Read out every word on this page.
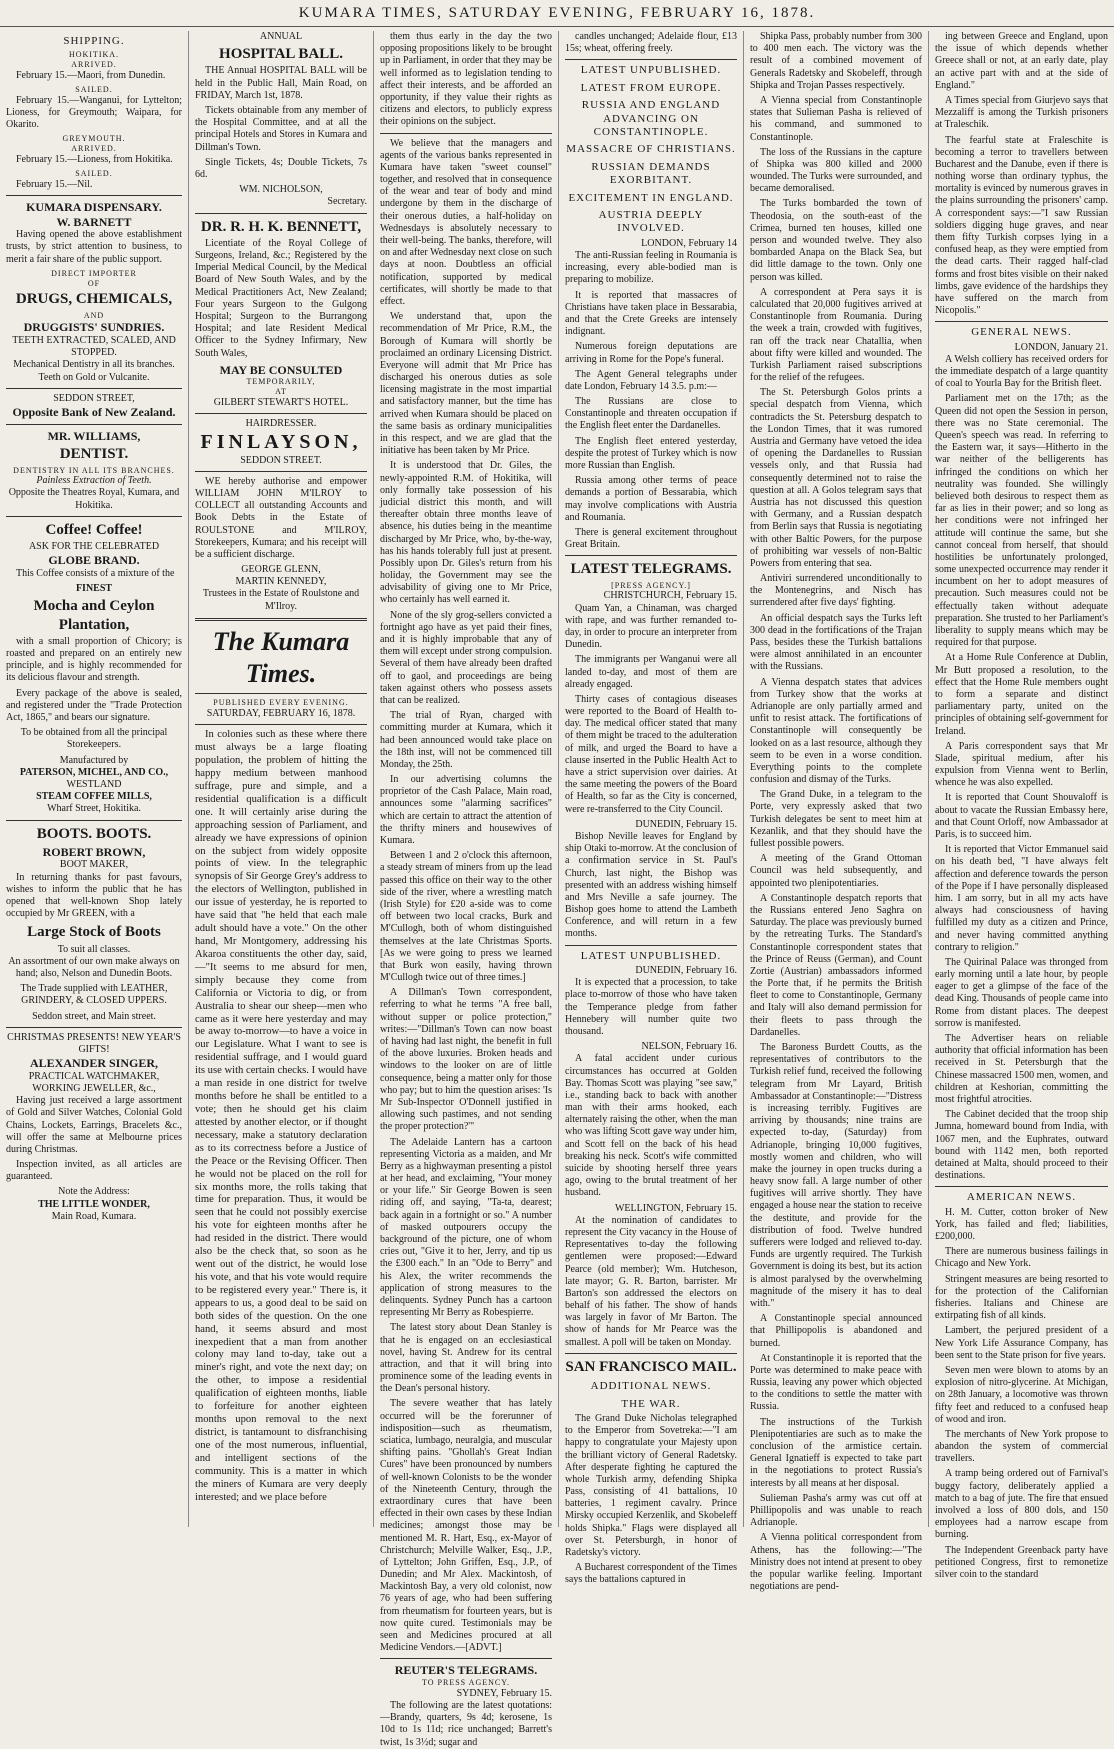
KUMARA TIMES, SATURDAY EVENING, FEBRUARY 16, 1878.
SHIPPING.
HOKITIKA.
ARRIVED.

February 15.—Maori, from Dunedin.

SAILED.

February 15.—Wanganui, for Lyttelton; Lioness, for Greymouth; Waipara, for Okarito.

GREYMOUTH.
ARRIVED.

February 15.—Lioness, from Hokitika.

SAILED.

February 15.—Nil.

KUMARA DISPENSARY.
W. BARNETT

Having opened the above establishment trusts, by strict attention to business, to merit a fair share of the public support.

DIRECT IMPORTER
OF
DRUGS, CHEMICALS,
AND
DRUGGISTS' SUNDRIES.
TEETH EXTRACTED, SCALED, AND STOPPED.

Mechanical Dentistry in all its branches. Teeth on Gold or Vulcanite.

SEDDON STREET,
Opposite Bank of New Zealand.
MR. WILLIAMS,
DENTIST.
DENTISTRY IN ALL ITS BRANCHES.
Painless Extraction of Teeth.

Opposite the Theatres Royal, Kumara, and Hokitika.

Coffee! Coffee!
ASK FOR THE CELEBRATED
GLOBE BRAND.

This Coffee consists of a mixture of the

FINEST
Mocha and Ceylon Plantation,

with a small proportion of Chicory; is roasted and prepared on an entirely new principle, and is highly recommended for its delicious flavour and strength.

Every package of the above is sealed, and registered under the "Trade Protection Act, 1865," and bears our signature.

To be obtained from all the principal Storekeepers.

Manufactured by
PATERSON, MICHEL, AND CO.,
WESTLAND
STEAM COFFEE MILLS,
Wharf Street, Hokitika.
BOOTS. BOOTS.
ROBERT BROWN,
BOOT MAKER,

In returning thanks for past favours, wishes to inform the public that he has opened that well-known Shop lately occupied by Mr GREEN, with a

Large Stock of Boots
To suit all classes.

An assortment of our own make always on hand; also, Nelson and Dunedin Boots.

The Trade supplied with LEATHER, GRINDERY, & CLOSED UPPERS.

Seddon street, and Main street.
CHRISTMAS PRESENTS! NEW YEAR'S GIFTS!
ALEXANDER SINGER,
PRACTICAL WATCHMAKER,
WORKING JEWELLER, &c.,

Having just received a large assortment of Gold and Silver Watches, Colonial Gold Chains, Lockets, Earrings, Bracelets &c., will offer the same at Melbourne prices during Christmas.

Inspection invited, as all articles are guaranteed.

Note the Address:
THE LITTLE WONDER,
Main Road, Kumara.
ANNUAL
HOSPITAL BALL.

THE Annual HOSPITAL BALL will be held in the Public Hall, Main Road, on FRIDAY, March 1st, 1878.

Tickets obtainable from any member of the Hospital Committee, and at all the principal Hotels and Stores in Kumara and Dillman's Town.

Single Tickets, 4s; Double Tickets, 7s 6d.

WM. NICHOLSON,
Secretary.
DR. R. H. K. BENNETT,

Licentiate of the Royal College of Surgeons, Ireland, &c.; Registered by the Imperial Medical Council, by the Medical Board of New South Wales, and by the Medical Practitioners Act, New Zealand; Four years Surgeon to the Gulgong Hospital; Surgeon to the Burrangong Hospital; and late Resident Medical Officer to the Sydney Infirmary, New South Wales,

MAY BE CONSULTED
TEMPORARILY,
AT
GILBERT STEWART'S HOTEL.
HAIRDRESSER.
FINLAYSON,
SEDDON STREET.

WE hereby authorise and empower WILLIAM JOHN M'ILROY to COLLECT all outstanding Accounts and Book Debts in the Estate of ROULSTONE and M'ILROY, Storekeepers, Kumara; and his receipt will be a sufficient discharge.

GEORGE GLENN,
MARTIN KENNEDY,
Trustees in the Estate of Roulstone and M'Ilroy.
The Kumara Times.
PUBLISHED EVERY EVENING.
SATURDAY, FEBRUARY 16, 1878.

In colonies such as these where there must always be a large floating population, the problem of hitting the happy medium between manhood suffrage, pure and simple, and a residential qualification is a difficult one. It will certainly arise during the approaching session of Parliament, and already we have expressions of opinion on the subject from widely opposite points of view. In the telegraphic synopsis of Sir George Grey's address to the electors of Wellington, published in our issue of yesterday, he is reported to have said that "he held that each male adult should have a vote." On the other hand, Mr Montgomery, addressing his Akaroa constituents the other day, said,—"It seems to me absurd for men, simply because they come from California or Victoria to dig, or from Australia to shear our sheep—men who came as it were here yesterday and may be away to-morrow—to have a voice in our Legislature. What I want to see is residential suffrage, and I would guard its use with certain checks. I would have a man reside in one district for twelve months before he shall be entitled to a vote; then he should get his claim attested by another elector, or if thought necessary, make a statutory declaration as to its correctness before a Justice of the Peace or the Revising Officer. Then he would not be placed on the roll for six months more, the rolls taking that time for preparation. Thus, it would be seen that he could not possibly exercise his vote for eighteen months after he had resided in the district. There would also be the check that, so soon as he went out of the district, he would lose his vote, and that his vote would require to be registered every year." There is, it appears to us, a good deal to be said on both sides of the question. On the one hand, it seems absurd and most inexpedient that a man from another colony may land to-day, take out a miner's right, and vote the next day; on the other, to impose a residential qualification of eighteen months, liable to forfeiture for another eighteen months upon removal to the next district, is tantamount to disfranchising one of the most numerous, influential, and intelligent sections of the community. This is a matter in which the miners of Kumara are very deeply interested; and we place before

them thus early in the day the two opposing propositions likely to be brought up in Parliament, in order that they may be well informed as to legislation tending to affect their interests, and be afforded an opportunity, if they value their rights as citizens and electors, to publicly express their opinions on the subject.

We believe that the managers and agents of the various banks represented in Kumara have taken "sweet counsel" together, and resolved that in consequence of the wear and tear of body and mind undergone by them in the discharge of their onerous duties, a half-holiday on Wednesdays is absolutely necessary to their well-being. The banks, therefore, will on and after Wednesday next close on such days at noon. Doubtless an official notification, supported by medical certificates, will shortly be made to that effect.

We understand that, upon the recommendation of Mr Price, R.M., the Borough of Kumara will shortly be proclaimed an ordinary Licensing District. Everyone will admit that Mr Price has discharged his onerous duties as sole licensing magistrate in the most impartial and satisfactory manner, but the time has arrived when Kumara should be placed on the same basis as ordinary municipalities in this respect, and we are glad that the initiative has been taken by Mr Price.

It is understood that Dr. Giles, the newly-appointed R.M. of Hokitika, will only formally take possession of his judicial district this month, and will thereafter obtain three months leave of absence, his duties being in the meantime discharged by Mr Price, who, by-the-way, has his hands tolerably full just at present. Possibly upon Dr. Giles's return from his holiday, the Government may see the advisability of giving one to Mr Price, who certainly has well earned it.

None of the sly grog-sellers convicted a fortnight ago have as yet paid their fines, and it is highly improbable that any of them will except under strong compulsion. Several of them have already been drafted off to gaol, and proceedings are being taken against others who possess assets that can be realized.

The trial of Ryan, charged with committing murder at Kumara, which it had been announced would take place on the 18th inst, will not be commenced till Monday, the 25th.

In our advertising columns the proprietor of the Cash Palace, Main road, announces some "alarming sacrifices" which are certain to attract the attention of the thrifty miners and housewives of Kumara.

Between 1 and 2 o'clock this afternoon, a steady stream of miners from up the lead passed this office on their way to the other side of the river, where a wrestling match (Irish Style) for £20 a-side was to come off between two local cracks, Burk and M'Cullogh, both of whom distinguished themselves at the late Christmas Sports. [As we were going to press we learned that Burk won easily, having thrown M'Cullogh twice out of three times.]

A Dillman's Town correspondent, referring to what he terms "A free ball, without supper or police protection," writes:—"Dillman's Town can now boast of having had last night, the benefit in full of the above luxuries. Broken heads and windows to the looker on are of little consequence, being a matter only for those who pay; but to him the question arises: 'Is Mr Sub-Inspector O'Donnell justified in allowing such pastimes, and not sending the proper protection?'"

The Adelaide Lantern has a cartoon representing Victoria as a maiden, and Mr Berry as a highwayman presenting a pistol at her head, and exclaiming, "Your money or your life." Sir George Bowen is seen riding off, and saying, "Ta-ta, dearest; back again in a fortnight or so." A number of masked outpourers occupy the background of the picture, one of whom cries out, "Give it to her, Jerry, and tip us the £300 each." In an "Ode to Berry" and his Alex, the writer recommends the application of strong measures to the delinquents. Sydney Punch has a cartoon representing Mr Berry as Robespierre.

The latest story about Dean Stanley is that he is engaged on an ecclesiastical novel, having St. Andrew for its central attraction, and that it will bring into prominence some of the leading events in the Dean's personal history.

The severe weather that has lately occurred will be the forerunner of indisposition—such as rheumatism, sciatica, lumbago, neuralgia, and muscular shifting pains. "Ghollah's Great Indian Cures" have been pronounced by numbers of well-known Colonists to be the wonder of the Nineteenth Century, through the extraordinary cures that have been effected in their own cases by these Indian medicines; amongst those may be mentioned M. R. Hart, Esq., ex-Mayor of Christchurch; Melville Walker, Esq., J.P., of Lyttelton; John Griffen, Esq., J.P., of Dunedin; and Mr Alex. Mackintosh, of Mackintosh Bay, a very old colonist, now 76 years of age, who had been suffering from rheumatism for fourteen years, but is now quite cured. Testimonials may be seen and Medicines procured at all Medicine Vendors.—[ADVT.]

REUTER'S TELEGRAMS.
TO PRESS AGENCY.
SYDNEY, February 15.

The following are the latest quotations:—Brandy, quarters, 9s 4d; kerosene, 1s 10d to 1s 11d; rice unchanged; Barrett's twist, 1s 3½d; sugar and

candles unchanged; Adelaide flour, £13 15s; wheat, offering freely.

LATEST UNPUBLISHED.
LATEST FROM EUROPE.
RUSSIA AND ENGLAND ADVANCING ON CONSTANTINOPLE.
MASSACRE OF CHRISTIANS.
RUSSIAN DEMANDS EXORBITANT.
EXCITEMENT IN ENGLAND.
AUSTRIA DEEPLY INVOLVED.
LONDON, February 14

The anti-Russian feeling in Roumania is increasing, every able-bodied man is preparing to mobilize.

It is reported that massacres of Christians have taken place in Bessarabia, and that the Crete Greeks are intensely indignant.

Numerous foreign deputations are arriving in Rome for the Pope's funeral.

The Agent General telegraphs under date London, February 14 3.5. p.m:—

The Russians are close to Constantinople and threaten occupation if the English fleet enter the Dardanelles.

The English fleet entered yesterday, despite the protest of Turkey which is now more Russian than English.

Russia among other terms of peace demands a portion of Bessarabia, which may involve complications with Austria and Roumania.

There is general excitement throughout Great Britain.

LATEST TELEGRAMS.
[PRESS AGENCY.]
CHRISTCHURCH, February 15.

Quam Yan, a Chinaman, was charged with rape, and was further remanded to-day, in order to procure an interpreter from Dunedin.

The immigrants per Wanganui were all landed to-day, and most of them are already engaged.

Thirty cases of contagious diseases were reported to the Board of Health to-day. The medical officer stated that many of them might be traced to the adulteration of milk, and urged the Board to have a clause inserted in the Public Health Act to have a strict supervision over dairies. At the same meeting the powers of the Board of Health, so far as the City is concerned, were re-transferred to the City Council.

DUNEDIN, February 15.

Bishop Neville leaves for England by ship Otaki to-morrow. At the conclusion of a confirmation service in St. Paul's Church, last night, the Bishop was presented with an address wishing himself and Mrs Neville a safe journey. The Bishop goes home to attend the Lambeth Conference, and will return in a few months.

LATEST UNPUBLISHED.
DUNEDIN, February 16.

It is expected that a procession, to take place to-morrow of those who have taken the Temperance pledge from father Hennebery will number quite two thousand.

NELSON, February 16.

A fatal accident under curious circumstances has occurred at Golden Bay. Thomas Scott was playing "see saw," i.e., standing back to back with another man with their arms hooked, each alternately raising the other, when the man who was lifting Scott gave way under him, and Scott fell on the back of his head breaking his neck. Scott's wife committed suicide by shooting herself three years ago, owing to the brutal treatment of her husband.

WELLINGTON, February 15.

At the nomination of candidates to represent the City vacancy in the House of Representatives to-day the following gentlemen were proposed:—Edward Pearce (old member); Wm. Hutcheson, late mayor; G. R. Barton, barrister. Mr Barton's son addressed the electors on behalf of his father. The show of hands was largely in favor of Mr Barton. The show of hands for Mr Pearce was the smallest. A poll will be taken on Monday.

SAN FRANCISCO MAIL.
ADDITIONAL NEWS.
THE WAR.

The Grand Duke Nicholas telegraphed to the Emperor from Sovetreka:—"I am happy to congratulate your Majesty upon the brilliant victory of General Radetsky. After desperate fighting he captured the whole Turkish army, defending Shipka Pass, consisting of 41 battalions, 10 batteries, 1 regiment cavalry. Prince Mirsky occupied Kerzenlik, and Skobeleff holds Shipka." Flags were displayed all over St. Petersburgh, in honor of Radetsky's victory.

A Bucharest correspondent of the Times says the battalions captured in

Shipka Pass, probably number from 300 to 400 men each. The victory was the result of a combined movement of Generals Radetsky and Skobeleff, through Shipka and Trojan Passes respectively.

A Vienna special from Constantinople states that Sulieman Pasha is relieved of his command, and summoned to Constantinople.

The loss of the Russians in the capture of Shipka was 800 killed and 2000 wounded. The Turks were surrounded, and became demoralised.

The Turks bombarded the town of Theodosia, on the south-east of the Crimea, burned ten houses, killed one person and wounded twelve. They also bombarded Anapa on the Black Sea, but did little damage to the town. Only one person was killed.

A correspondent at Pera says it is calculated that 20,000 fugitives arrived at Constantinople from Roumania. During the week a train, crowded with fugitives, ran off the track near Chatallia, when about fifty were killed and wounded. The Turkish Parliament raised subscriptions for the relief of the refugees.

The St. Petersburgh Golos prints a special despatch from Vienna, which contradicts the St. Petersburg despatch to the London Times, that it was rumored Austria and Germany have vetoed the idea of opening the Dardanelles to Russian vessels only, and that Russia had consequently determined not to raise the question at all. A Golos telegram says that Austria has not discussed this question with Germany, and a Russian despatch from Berlin says that Russia is negotiating with other Baltic Powers, for the purpose of prohibiting war vessels of non-Baltic Powers from entering that sea.

Antiviri surrendered unconditionally to the Montenegrins, and Nisch has surrendered after five days' fighting.

An official despatch says the Turks left 300 dead in the fortifications of the Trajan Pass, besides these the Turkish battalions were almost annihilated in an encounter with the Russians.

A Vienna despatch states that advices from Turkey show that the works at Adrianople are only partially armed and unfit to resist attack. The fortifications of Constantinople will consequently be looked on as a last resource, although they seem to be even in a worse condition. Everything points to the complete confusion and dismay of the Turks.

The Grand Duke, in a telegram to the Porte, very expressly asked that two Turkish delegates be sent to meet him at Kezanlik, and that they should have the fullest possible powers.

A meeting of the Grand Ottoman Council was held subsequently, and appointed two plenipotentiaries.

A Constantinople despatch reports that the Russians entered Jeno Saghra on Saturday. The place was previously burned by the retreating Turks. The Standard's Constantinople correspondent states that the Prince of Reuss (German), and Count Zortie (Austrian) ambassadors informed the Porte that, if he permits the British fleet to come to Constantinople, Germany and Italy will also demand permission for their fleets to pass through the Dardanelles.

The Baroness Burdett Coutts, as the representatives of contributors to the Turkish relief fund, received the following telegram from Mr Layard, British Ambassador at Constantinople:—"Distress is increasing terribly. Fugitives are arriving by thousands; nine trains are expected to-day, (Saturday) from Adrianople, bringing 10,000 fugitives, mostly women and children, who will make the journey in open trucks during a heavy snow fall. A large number of other fugitives will arrive shortly. They have engaged a house near the station to receive the destitute, and provide for the distribution of food. Twelve hundred sufferers were lodged and relieved to-day. Funds are urgently required. The Turkish Government is doing its best, but its action is almost paralysed by the overwhelming magnitude of the misery it has to deal with."

A Constantinople special announced that Phillipopolis is abandoned and burned.

At Constantinople it is reported that the Porte was determined to make peace with Russia, leaving any power which objected to the conditions to settle the matter with Russia.

The instructions of the Turkish Plenipotentiaries are such as to make the conclusion of the armistice certain. General Ignatieff is expected to take part in the negotiations to protect Russia's interests by all means at her disposal.

Sulieman Pasha's army was cut off at Phillipopolis and was unable to reach Adrianople.

A Vienna political correspondent from Athens, has the following:—"The Ministry does not intend at present to obey the popular warlike feeling. Important negotiations are pend-

ing between Greece and England, upon the issue of which depends whether Greece shall or not, at an early date, play an active part with and at the side of England."

A Times special from Giurjevo says that Mezzaliff is among the Turkish prisoners at Traleschik.

The fearful state at Fraleschite is becoming a terror to travellers between Bucharest and the Danube, even if there is nothing worse than ordinary typhus, the mortality is evinced by numerous graves in the plains surrounding the prisoners' camp. A correspondent says:—"I saw Russian soldiers digging huge graves, and near them fifty Turkish corpses lying in a confused heap, as they were emptied from the dead carts. Their ragged half-clad forms and frost bites visible on their naked limbs, gave evidence of the hardships they have suffered on the march from Nicopolis."

GENERAL NEWS.
LONDON, January 21.

A Welsh colliery has received orders for the immediate despatch of a large quantity of coal to Yourla Bay for the British fleet.

Parliament met on the 17th; as the Queen did not open the Session in person, there was no State ceremonial. The Queen's speech was read. In referring to the Eastern war, it says—Hitherto in the war neither of the belligerents has infringed the conditions on which her neutrality was founded. She willingly believed both desirous to respect them as far as lies in their power; and so long as her conditions were not infringed her attitude will continue the same, but she cannot conceal from herself, that should hostilities be unfortunately prolonged, some unexpected occurrence may render it incumbent on her to adopt measures of precaution. Such measures could not be effectually taken without adequate preparation. She trusted to her Parliament's liberality to supply means which may be required for that purpose.

At a Home Rule Conference at Dublin, Mr Butt proposed a resolution, to the effect that the Home Rule members ought to form a separate and distinct parliamentary party, united on the principles of obtaining self-government for Ireland.

A Paris correspondent says that Mr Slade, spiritual medium, after his expulsion from Vienna went to Berlin, whence he was also expelled.

It is reported that Count Shouvaloff is about to vacate the Russian Embassy here, and that Count Orloff, now Ambassador at Paris, is to succeed him.

It is reported that Victor Emmanuel said on his death bed, "I have always felt affection and deference towards the person of the Pope if I have personally displeased him. I am sorry, but in all my acts have always had consciousness of having fulfilled my duty as a citizen and Prince, and never having committed anything contrary to religion."

The Quirinal Palace was thronged from early morning until a late hour, by people eager to get a glimpse of the face of the dead King. Thousands of people came into Rome from distant places. The deepest sorrow is manifested.

The Advertiser hears on reliable authority that official information has been received in St. Petersburgh that the Chinese massacred 1500 men, women, and children at Keshorian, committing the most frightful atrocities.

The Cabinet decided that the troop ship Jumna, homeward bound from India, with 1067 men, and the Euphrates, outward bound with 1142 men, both reported detained at Malta, should proceed to their destinations.

AMERICAN NEWS.

H. M. Cutter, cotton broker of New York, has failed and fled; liabilities, £200,000.

There are numerous business failings in Chicago and New York.

Stringent measures are being resorted to for the protection of the Californian fisheries. Italians and Chinese are extirpating fish of all kinds.

Lambert, the perjured president of a New York Life Assurance Company, has been sent to the State prison for five years.

Seven men were blown to atoms by an explosion of nitro-glycerine. At Michigan, on 28th January, a locomotive was thrown fifty feet and reduced to a confused heap of wood and iron.

The merchants of New York propose to abandon the system of commercial travellers.

A tramp being ordered out of Farnival's buggy factory, deliberately applied a match to a bag of jute. The fire that ensued involved a loss of 800 dols, and 150 employees had a narrow escape from burning.

The Independent Greenback party have petitioned Congress, first to remonetize silver coin to the standard
